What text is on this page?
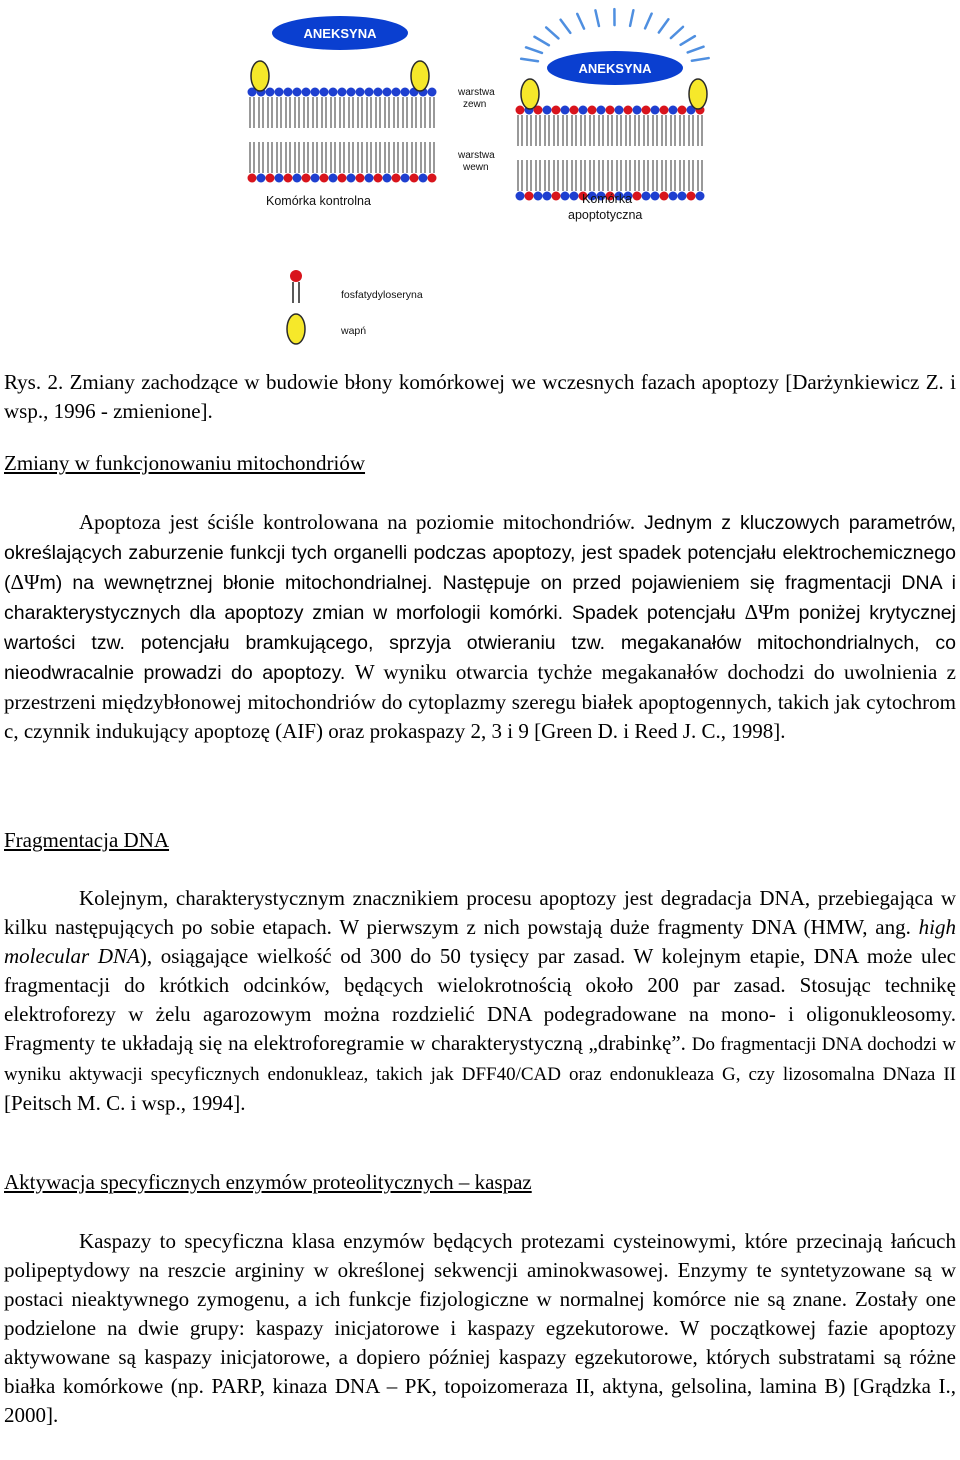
ANEKSYNA
ANEKSYNA
warstwa
zewn
warstwa
wewn
Komórka kontrolna	Komórka
apoptotyczna
fosfatydyloseryna
wapń

Rys. 2. Zmiany zachodzące w budowie błony komórkowej we wczesnych fazach apoptozy [Darżynkiewicz Z. i wsp., 1996 - zmienione].

Zmiany w funkcjonowaniu mitochondriów

Apoptoza jest ściśle kontrolowana na poziomie mitochondriów. Jednym z kluczowych parametrów, określających zaburzenie funkcji tych organelli podczas apoptozy, jest spadek potencjału elektrochemicznego (ΔΨm) na wewnętrznej błonie mitochondrialnej. Następuje on przed pojawieniem się fragmentacji DNA i charakterystycznych dla apoptozy zmian w morfologii komórki. Spadek potencjału ΔΨm poniżej krytycznej wartości tzw. potencjału bramkującego, sprzyja otwieraniu tzw. megakanałów mitochondrialnych, co nieodwracalnie prowadzi do apoptozy. W wyniku otwarcia tychże megakanałów dochodzi do uwolnienia z przestrzeni międzybłonowej mitochondriów do cytoplazmy szeregu białek apoptogennych, takich jak cytochrom c, czynnik indukujący apoptozę (AIF) oraz prokaspazy 2, 3 i 9 [Green D. i Reed J. C., 1998].

Fragmentacja DNA

Kolejnym, charakterystycznym znacznikiem procesu apoptozy jest degradacja DNA, przebiegająca w kilku następujących po sobie etapach. W pierwszym z nich powstają duże fragmenty DNA (HMW, ang. high molecular DNA), osiągające wielkość od 300 do 50 tysięcy par zasad. W kolejnym etapie, DNA może ulec fragmentacji do krótkich odcinków, będących wielokrotnością około 200 par zasad. Stosując technikę elektroforezy w żelu agarozowym można rozdzielić DNA podegradowane na mono- i oligonukleosomy. Fragmenty te układają się na elektroforegramie w charakterystyczną „drabinkę”. Do fragmentacji DNA dochodzi w wyniku aktywacji specyficznych endonukleaz, takich jak DFF40/CAD oraz endonukleaza G, czy lizosomalna DNaza II [Peitsch M. C. i wsp., 1994].

Aktywacja specyficznych enzymów proteolitycznych – kaspaz

Kaspazy to specyficzna klasa enzymów będących protezami cysteinowymi, które przecinają łańcuch polipeptydowy na reszcie argininy w określonej sekwencji aminokwasowej. Enzymy te syntetyzowane są w postaci nieaktywnego zymogenu, a ich funkcje fizjologiczne w normalnej komórce nie są znane. Zostały one podzielone na dwie grupy: kaspazy inicjatorowe i kaspazy egzekutorowe. W początkowej fazie apoptozy aktywowane są kaspazy inicjatorowe, a dopiero później kaspazy egzekutorowe, których substratami są różne białka komórkowe (np. PARP, kinaza DNA – PK, topoizomeraza II, aktyna, gelsolina, lamina B) [Grądzka I., 2000].
